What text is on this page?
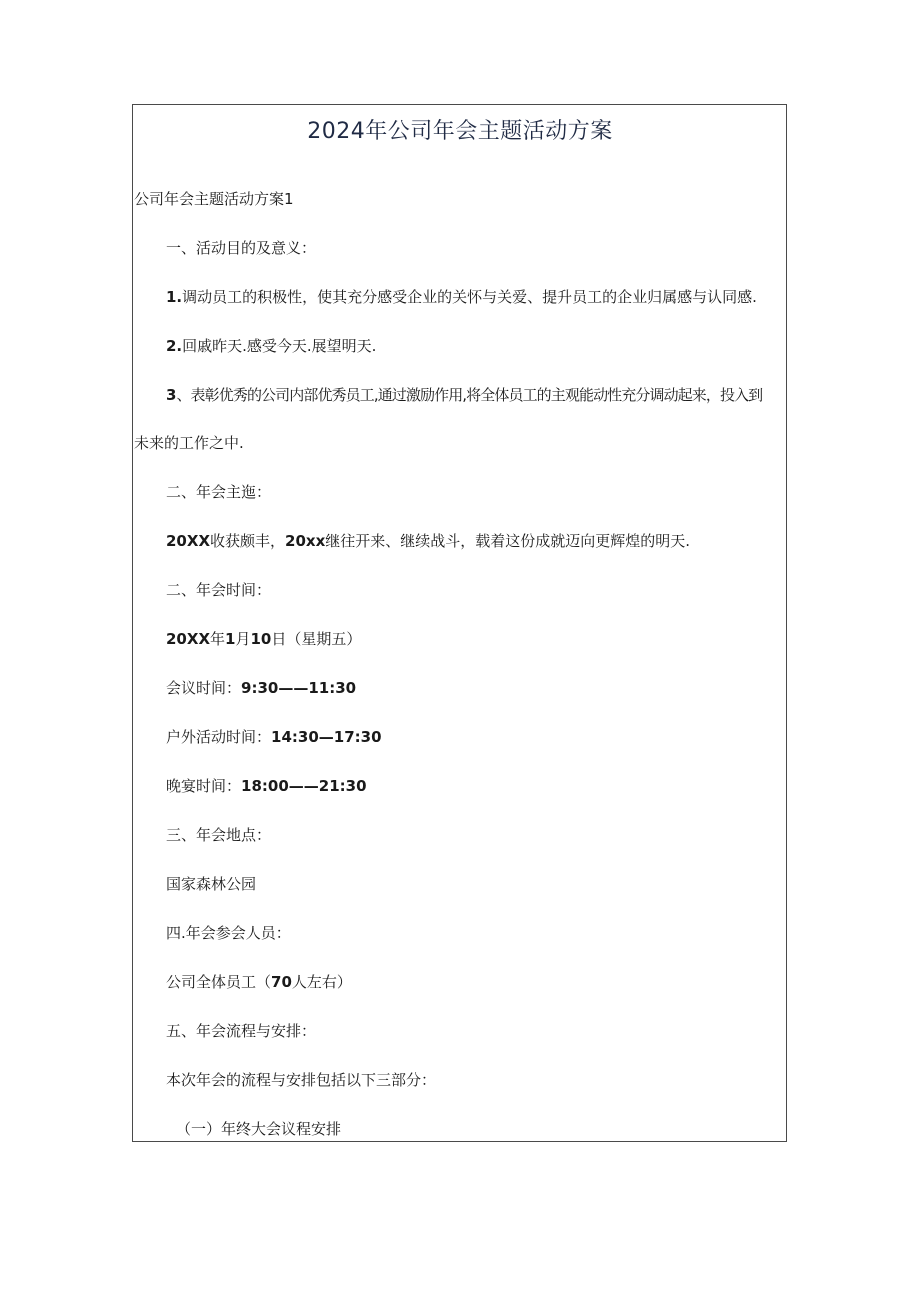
2024年公司年会主题活动方案

公司年会主题活动方案1

一、活动目的及意义：

1.调动员工的积极性，使其充分感受企业的关怀与关爱、提升员工的企业归属感与认同感.

2.回戚昨天.感受今天.展望明天.

3、表彰优秀的公司内部优秀员工,通过激励作用,将全体员工的主观能动性充分调动起来，投入到

未来的工作之中.

二、年会主迤：

20XX收获颇丰，20xx继往开来、继续战斗，载着这份成就迈向更辉煌的明天.

二、年会时间：

20XX年1月10日（星期五）

会议时间：9:30——11:30

户外活动时间：14:30—17:30

晚宴时间：18:00——21:30

三、年会地点：

国家森林公园

四.年会参会人员：

公司全体员工（70人左右）

五、年会流程与安排：

本次年会的流程与安排包括以下三部分：

（一）年终大会议程安排
